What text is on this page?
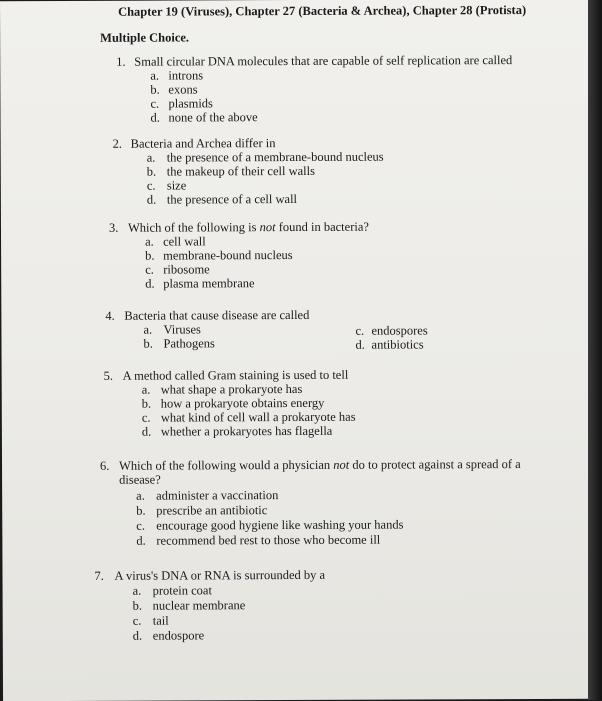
Chapter 19 (Viruses), Chapter 27 (Bacteria & Archea), Chapter 28 (Protista)
Multiple Choice.
1. Small circular DNA molecules that are capable of self replication are called
a. introns
b. exons
c. plasmids
d. none of the above
2. Bacteria and Archea differ in
a. the presence of a membrane-bound nucleus
b. the makeup of their cell walls
c. size
d. the presence of a cell wall
3. Which of the following is not found in bacteria?
a. cell wall
b. membrane-bound nucleus
c. ribosome
d. plasma membrane
4. Bacteria that cause disease are called
a. Viruses
b. Pathogens
c. endospores
d. antibiotics
5. A method called Gram staining is used to tell
a. what shape a prokaryote has
b. how a prokaryote obtains energy
c. what kind of cell wall a prokaryote has
d. whether a prokaryotes has flagella
6. Which of the following would a physician not do to protect against a spread of a
disease?
a. administer a vaccination
b. prescribe an antibiotic
c. encourage good hygiene like washing your hands
d. recommend bed rest to those who become ill
7. A virus's DNA or RNA is surrounded by a
a. protein coat
b. nuclear membrane
c. tail
d. endospore
